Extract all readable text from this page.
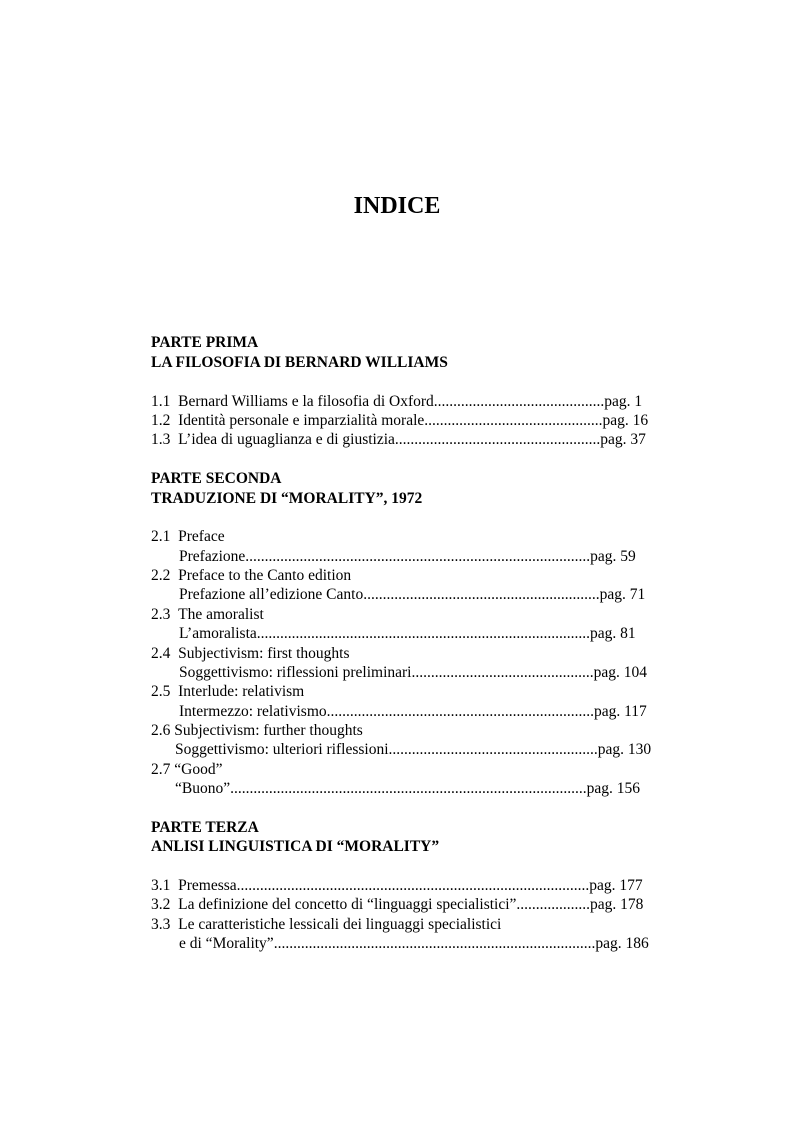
INDICE
PARTE PRIMA
LA FILOSOFIA DI BERNARD WILLIAMS
1.1 Bernard Williams e la filosofia di Oxford............................................pag. 1
1.2 Identità personale e imparzialità morale..............................................pag. 16
1.3 L’idea di uguaglianza e di giustizia.....................................................pag. 37
PARTE SECONDA
TRADUZIONE DI “MORALITY”, 1972
2.1 Preface
Prefazione.........................................................................................pag. 59
2.2 Preface to the Canto edition
Prefazione all’edizione Canto.............................................................pag. 71
2.3 The amoralist
L’amoralista......................................................................................pag. 81
2.4 Subjectivism: first thoughts
Soggettivismo: riflessioni preliminari...............................................pag. 104
2.5 Interlude: relativism
Intermezzo: relativismo.....................................................................pag. 117
2.6 Subjectivism: further thoughts
Soggettivismo: ulteriori riflessioni......................................................pag. 130
2.7 “Good”
“Buono”............................................................................................pag. 156
PARTE TERZA
ANLISI LINGUISTICA DI “MORALITY”
3.1 Premessa...........................................................................................pag. 177
3.2 La definizione del concetto di “linguaggi specialistici”...................pag. 178
3.3 Le caratteristiche lessicali dei linguaggi specialistici
e di “Morality”...................................................................................pag. 186
